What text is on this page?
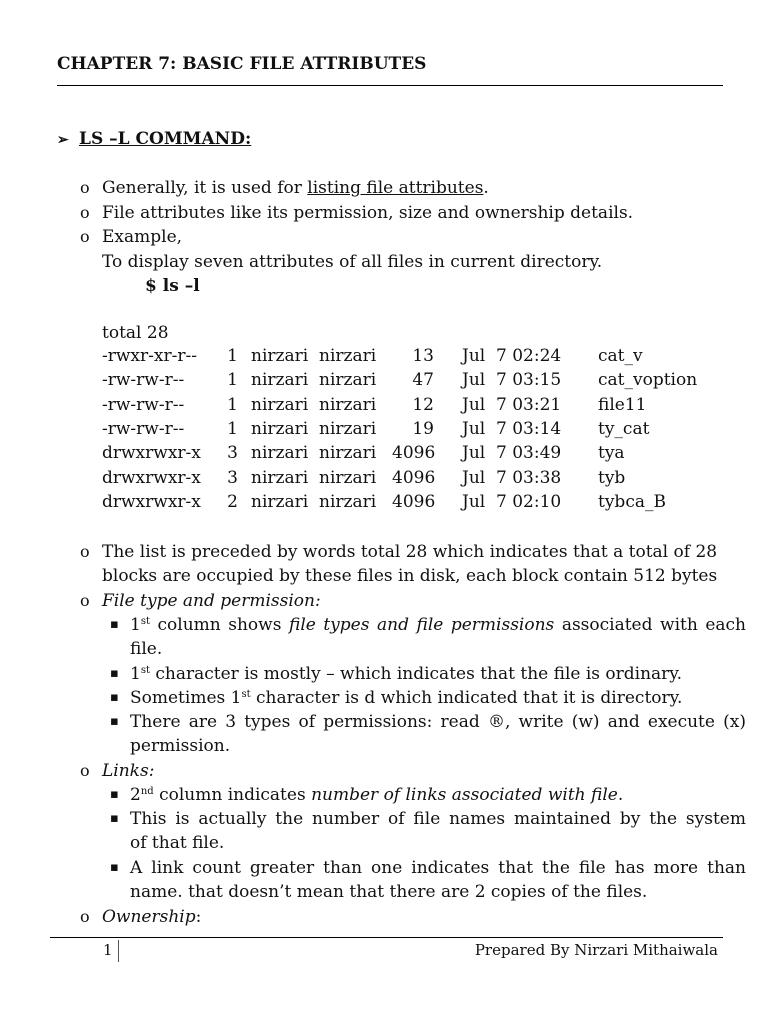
CHAPTER 7: BASIC FILE ATTRIBUTES
➢ LS –L COMMAND:
o Generally, it is used for listing file attributes.
o File attributes like its permission, size and ownership details.
o Example,
To display seven attributes of all files in current directory.
$ ls –l
total 28
-rwxr-xr-r--	1 nirzari nirzari	13 Jul  7 02:24 cat_v
-rw-rw-r--	1 nirzari nirzari	47 Jul  7 03:15 cat_voption
-rw-rw-r--	1 nirzari nirzari	12 Jul  7 03:21 file11
-rw-rw-r--	1 nirzari nirzari	19 Jul  7 03:14 ty_cat
drwxrwxr-x	3 nirzari nirzari 4096 Jul  7 03:49 tya
drwxrwxr-x	3 nirzari nirzari 4096 Jul  7 03:38 tyb
drwxrwxr-x	2 nirzari nirzari 4096 Jul  7 02:10 tybca_B
o The list is preceded by words total 28 which indicates that a total of 28
blocks are occupied by these files in disk, each block contain 512 bytes
o File type and permission:
▪ 1st column shows file types and file permissions associated with each
file.
▪ 1st character is mostly – which indicates that the file is ordinary.
▪ Sometimes 1st character is d which indicated that it is directory.
▪ There are 3 types of permissions: read ®, write (w) and execute (x)
permission.
o Links:
▪ 2nd column indicates number of links associated with file.
▪ This is actually the number of file names maintained by the system
of that file.
▪ A link count greater than one indicates that the file has more than
name. that doesn’t mean that there are 2 copies of the files.
o Ownership:
1	Prepared By Nirzari Mithaiwala
